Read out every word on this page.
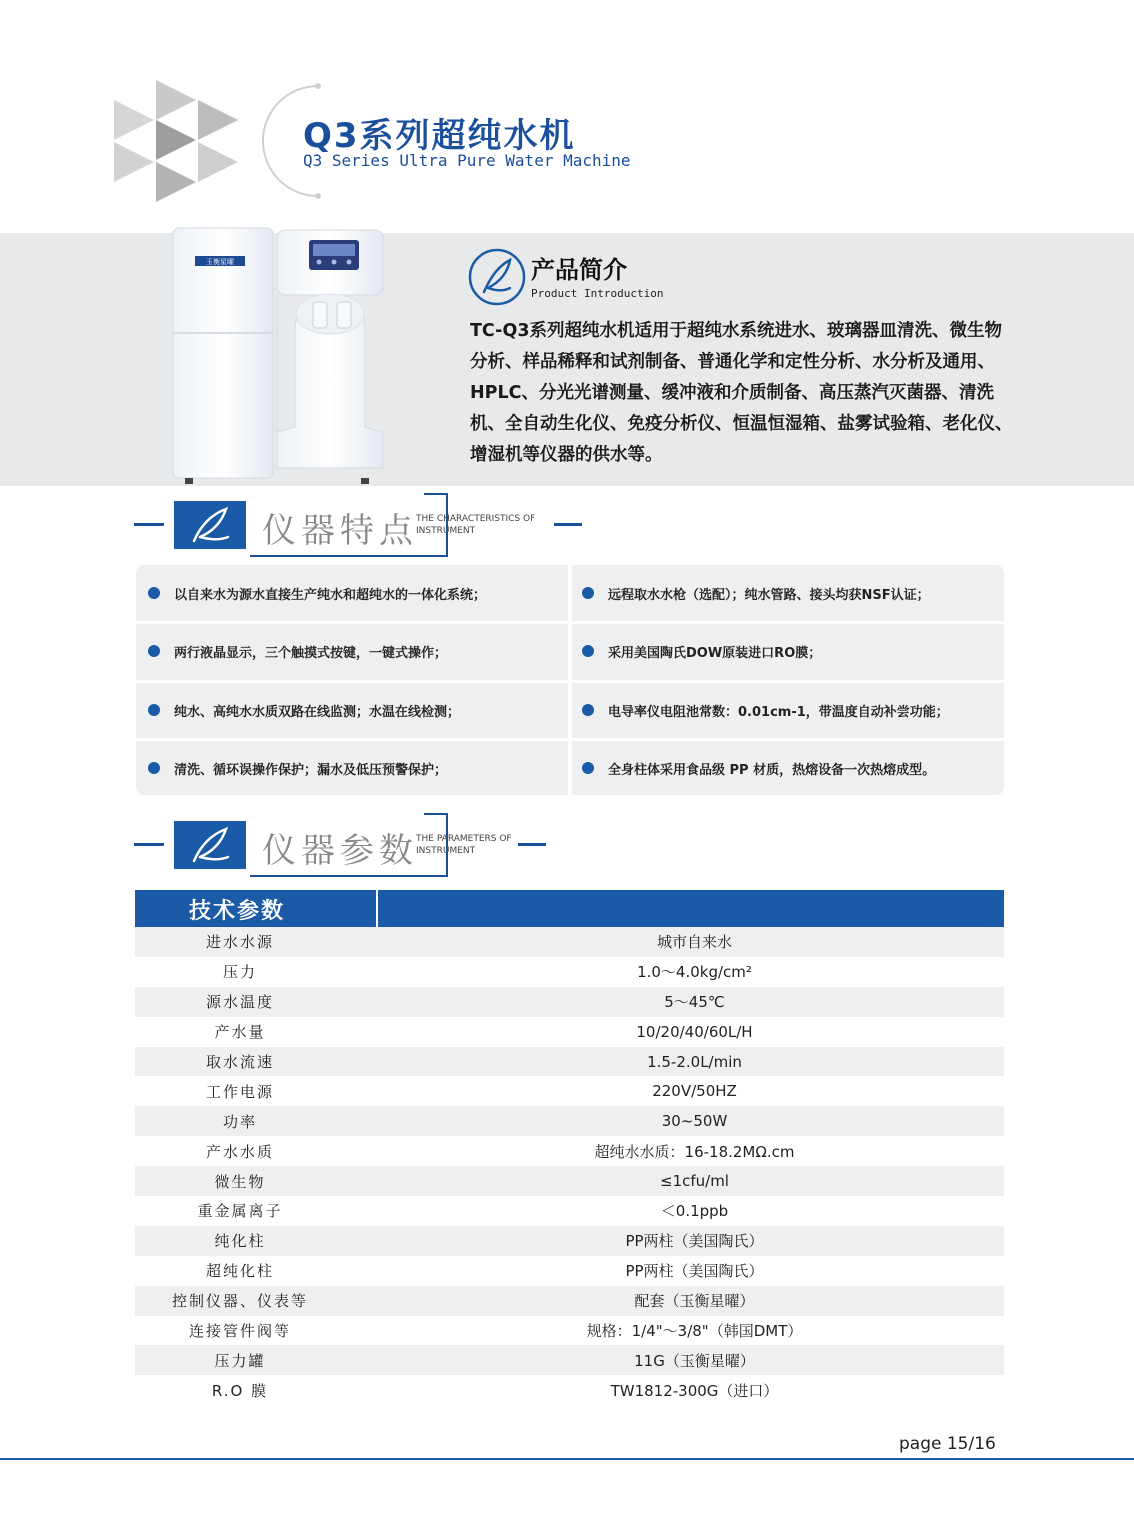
Q3系列超纯水机
Q3 Series Ultra Pure Water Machine
玉衡星曜	产品简介
Product Introduction
TC-Q3系列超纯水机适用于超纯水系统进水、玻璃器皿清洗、微生物分析、样品稀释和试剂制备、普通化学和定性分析、水分析及通用、HPLC、分光光谱测量、缓冲液和介质制备、高压蒸汽灭菌器、清洗机、全自动生化仪、免疫分析仪、恒温恒湿箱、盐雾试验箱、老化仪、增湿机等仪器的供水等。
仪器特点
THE CHARACTERISTICS OF INSTRUMENT
以自来水为源水直接生产纯水和超纯水的一体化系统；
两行液晶显示，三个触摸式按键，一键式操作；
纯水、高纯水水质双路在线监测；水温在线检测；
清洗、循环误操作保护；漏水及低压预警保护；
远程取水水枪（选配）；纯水管路、接头均获NSF认证；
采用美国陶氏DOW原装进口RO膜；
电导率仪电阻池常数：0.01cm-1，带温度自动补尝功能；
全身柱体采用食品级 PP 材质，热熔设备一次热熔成型。
仪器参数
THE PARAMETERS OF INSTRUMENT
技术参数
进水水源	城市自来水
压力	1.0～4.0kg/cm²
源水温度	5～45℃
产水量	10/20/40/60L/H
取水流速	1.5-2.0L/min
工作电源	220V/50HZ
功率	30~50W
产水水质	超纯水水质：16-18.2MΩ.cm
微生物	≤1cfu/ml
重金属离子	＜0.1ppb
纯化柱	PP两柱（美国陶氏）
超纯化柱	PP两柱（美国陶氏）
控制仪器、仪表等	配套（玉衡星曜）
连接管件阀等	规格：1/4"～3/8"（韩国DMT）
压力罐	11G（玉衡星曜）
R.O 膜	TW1812-300G（进口）
page 15/16
